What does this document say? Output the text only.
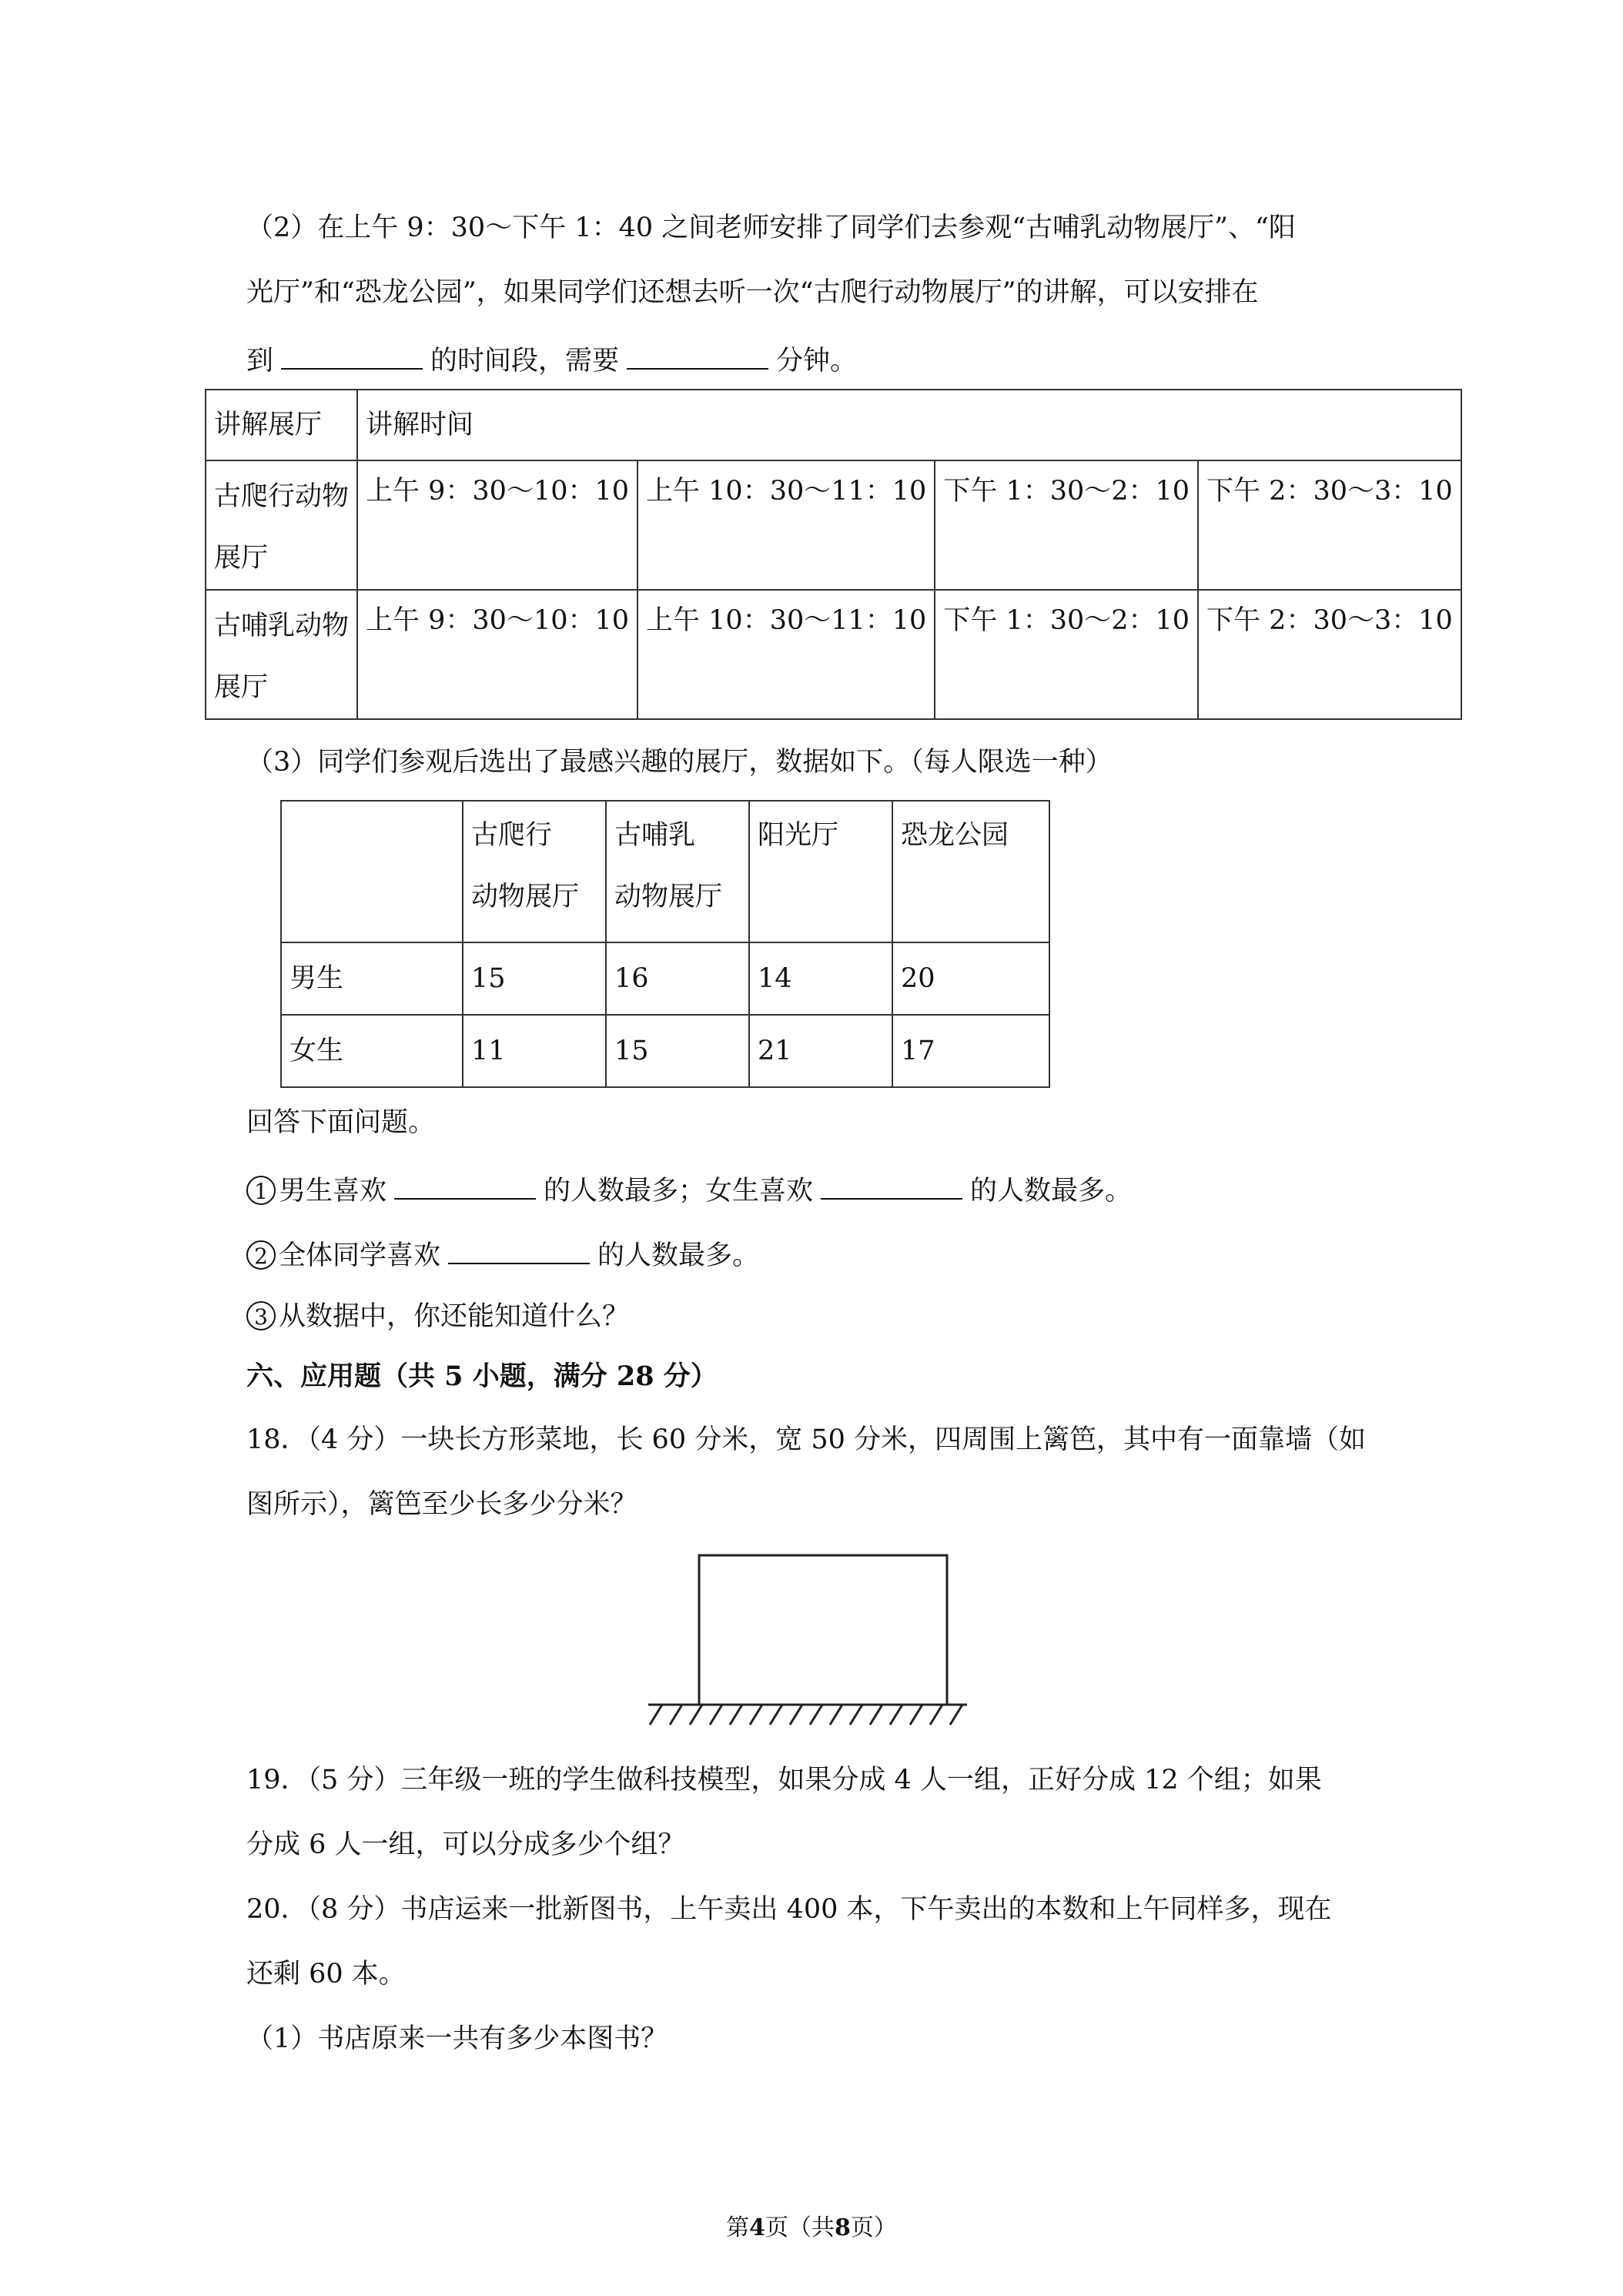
（2）在上午 9：30～下午 1：40 之间老师安排了同学们去参观“古哺乳动物展厅”、“阳

光厅”和“恐龙公园”，如果同学们还想去听一次“古爬行动物展厅”的讲解，可以安排在

到	的时间段，需要	分钟。

讲解展厅	讲解时间			
古爬行动物
展厅	上午 9：30～10：10	上午 10：30～11：10	下午 1：30～2：10	下午 2：30～3：10
古哺乳动物
展厅	上午 9：30～10：10	上午 10：30～11：10	下午 1：30～2：10	下午 2：30～3：10

（3）同学们参观后选出了最感兴趣的展厅，数据如下。（每人限选一种）

	古爬行
动物展厅	古哺乳
动物展厅	阳光厅	恐龙公园

男生	15	16	14	20
女生	11	15	21	17

回答下面问题。

1 男生喜欢	的人数最多；女生喜欢	的人数最多。

2 全体同学喜欢	的人数最多。

3 从数据中，你还能知道什么？

六、应用题（共 5 小题，满分 28 分）

18．（4 分）一块长方形菜地，长 60 分米，宽 50 分米，四周围上篱笆，其中有一面靠墙（如

图所示），篱笆至少长多少分米？

19．（5 分）三年级一班的学生做科技模型，如果分成 4 人一组，正好分成 12 个组；如果

分成 6 人一组，可以分成多少个组？

20．（8 分）书店运来一批新图书，上午卖出 400 本，下午卖出的本数和上午同样多，现在

还剩 60 本。

（1）书店原来一共有多少本图书？

第4页（共8页）
